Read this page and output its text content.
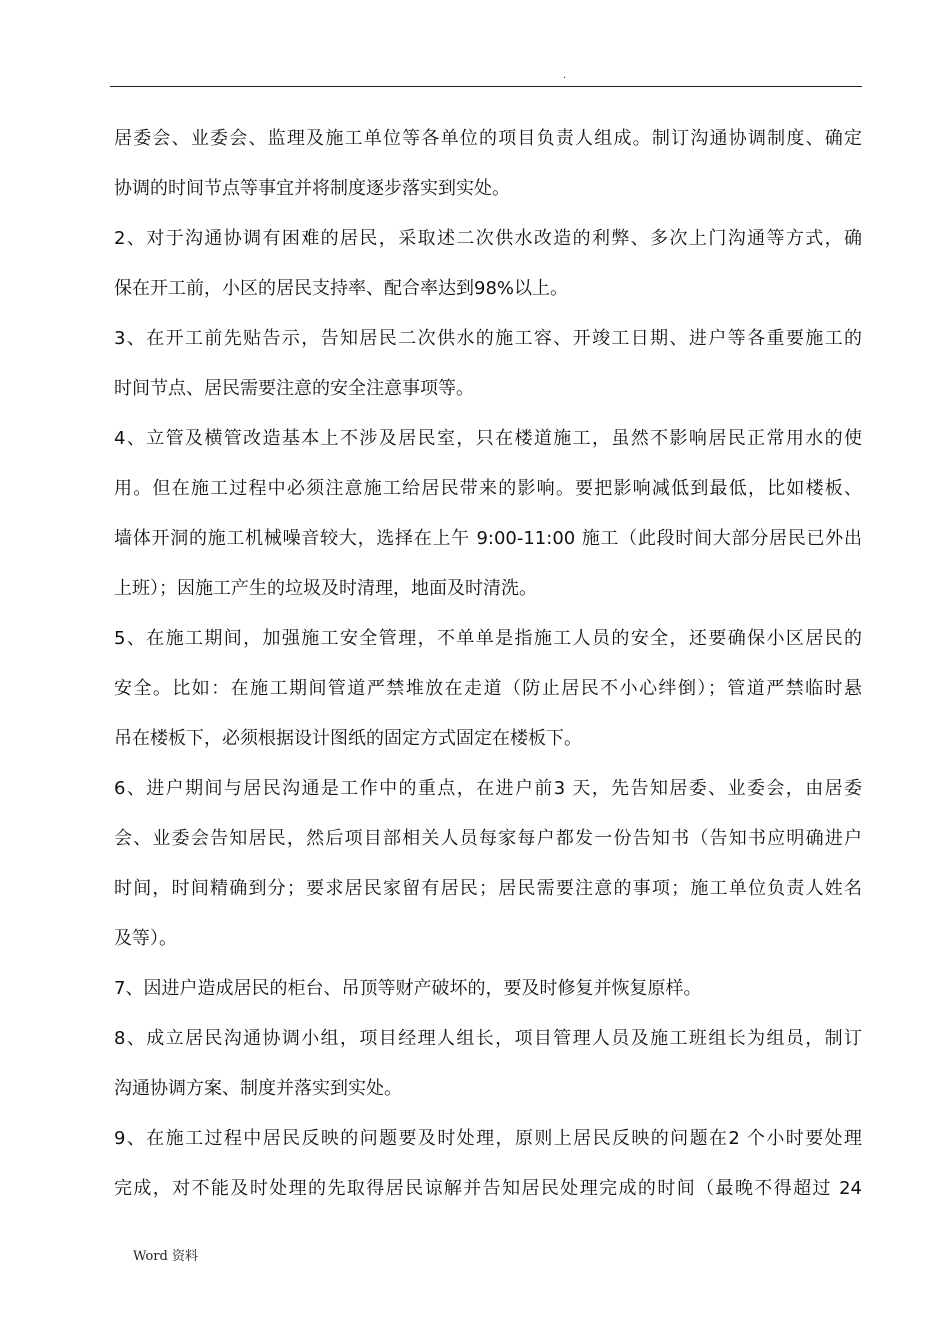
.
居委会、业委会、监理及施工单位等各单位的项目负责人组成。制订沟通协调制度、确定
协调的时间节点等事宜并将制度逐步落实到实处。
2、对于沟通协调有困难的居民，采取述二次供水改造的利弊、多次上门沟通等方式，确
保在开工前，小区的居民支持率、配合率达到98%以上。
3、在开工前先贴告示，告知居民二次供水的施工容、开竣工日期、进户等各重要施工的
时间节点、居民需要注意的安全注意事项等。
4、立管及横管改造基本上不涉及居民室，只在楼道施工，虽然不影响居民正常用水的使
用。但在施工过程中必须注意施工给居民带来的影响。要把影响减低到最低，比如楼板、
墙体开洞的施工机械噪音较大，选择在上午 9:00-11:00 施工（此段时间大部分居民已外出
上班）；因施工产生的垃圾及时清理，地面及时清洗。
5、在施工期间，加强施工安全管理，不单单是指施工人员的安全，还要确保小区居民的
安全。比如：在施工期间管道严禁堆放在走道（防止居民不小心绊倒）；管道严禁临时悬
吊在楼板下，必须根据设计图纸的固定方式固定在楼板下。
6、进户期间与居民沟通是工作中的重点，在进户前3 天，先告知居委、业委会，由居委
会、业委会告知居民，然后项目部相关人员每家每户都发一份告知书（告知书应明确进户
时间，时间精确到分；要求居民家留有居民；居民需要注意的事项；施工单位负责人姓名
及等）。
7、因进户造成居民的柜台、吊顶等财产破坏的，要及时修复并恢复原样。
8、成立居民沟通协调小组，项目经理人组长，项目管理人员及施工班组长为组员，制订
沟通协调方案、制度并落实到实处。
9、在施工过程中居民反映的问题要及时处理，原则上居民反映的问题在2 个小时要处理
完成，对不能及时处理的先取得居民谅解并告知居民处理完成的时间（最晚不得超过 24
Word 资料
